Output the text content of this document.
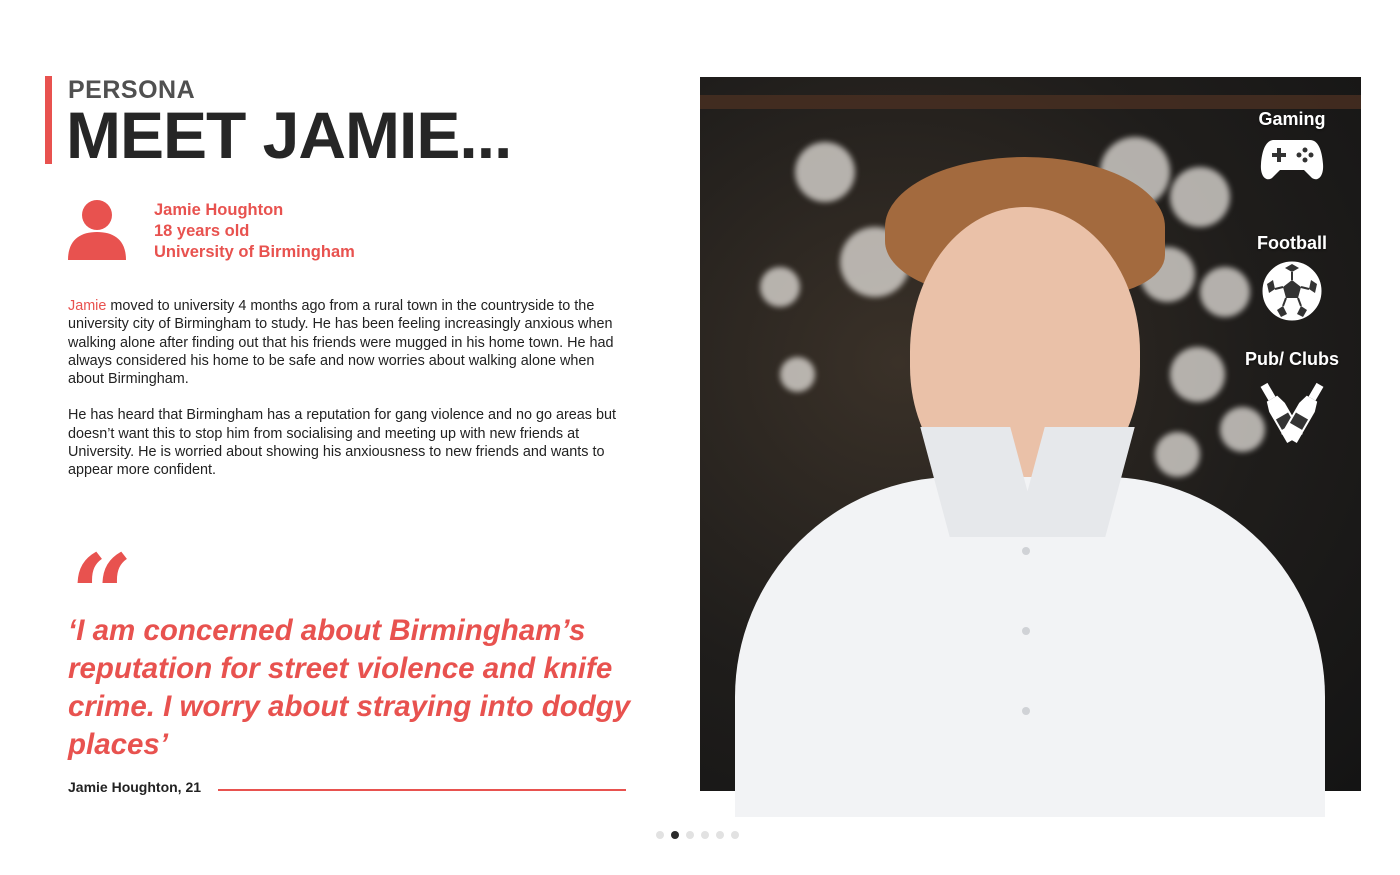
PERSONA
MEET JAMIE...
Jamie Houghton
18 years old
University of Birmingham

Jamie moved to university 4 months ago from a rural town in the countryside to the university city of Birmingham to study. He has been feeling increasingly anxious when walking alone after finding out that his friends were mugged in his home town. He had always considered his home to be safe and now worries about walking alone when about Birmingham.

He has heard that Birmingham has a reputation for gang violence and no go areas but doesn’t want this to stop him from socialising and meeting up with new friends at University. He is worried about showing his anxiousness to new friends and wants to appear more confident.

“
‘I am concerned about Birmingham’s reputation for street violence and knife crime. I worry about straying into dodgy places’
Jamie Houghton, 21
Gaming
Football
Pub/ Clubs
